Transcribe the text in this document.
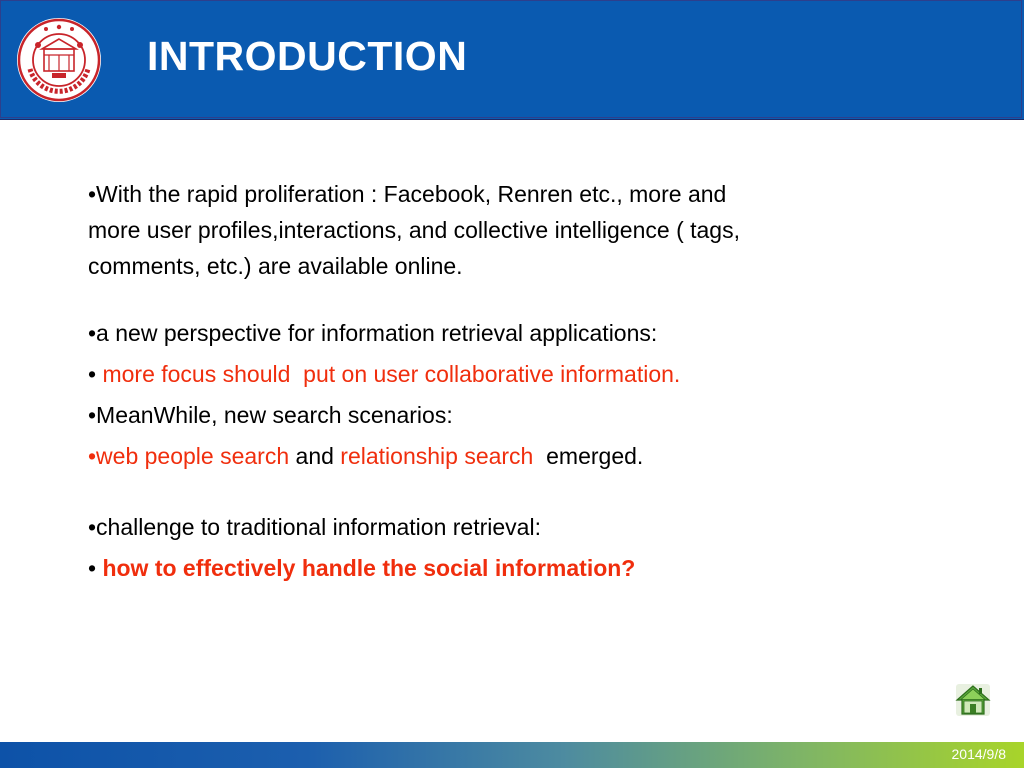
INTRODUCTION
•With the rapid proliferation : Facebook, Renren etc., more and
more user profiles,interactions, and collective intelligence ( tags,
comments, etc.) are available online.
•a new perspective for information retrieval applications:
• more focus should  put on user collaborative information.
•MeanWhile, new search scenarios:
•web people search and relationship search  emerged.
•challenge to traditional information retrieval:
• how to effectively handle the social information?
2014/9/8
